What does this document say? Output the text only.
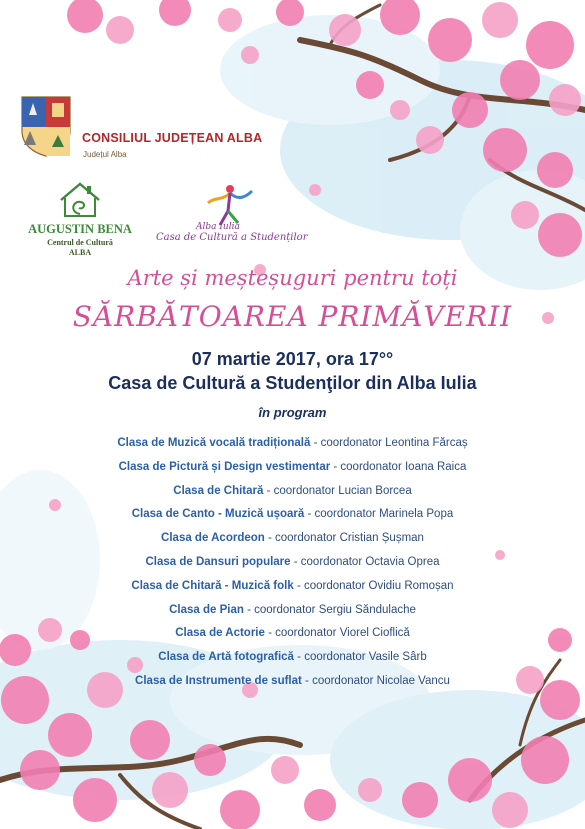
CONSILIUL JUDEȚEAN ALBA
Județul Alba
AUGUSTIN BENA
Centrul de Cultură
ALBA
Alba Iulia
Casa de Cultură a Studenților
Arte și meșteșuguri pentru toți
SĂRBĂTOAREA PRIMĂVERII
07 martie 2017, ora 17°°
Casa de Cultură a Studenţilor din Alba Iulia
în program
Clasa de Muzică vocală tradițională - coordonator Leontina Fărcaș
Clasa de Pictură și Design vestimentar - coordonator Ioana Raica
Clasa de Chitară - coordonator Lucian Borcea
Clasa de Canto - Muzică ușoară - coordonator Marinela Popa
Clasa de Acordeon - coordonator Cristian Șușman
Clasa de Dansuri populare - coordonator Octavia Oprea
Clasa de Chitară - Muzică folk - coordonator Ovidiu Romoșan
Clasa de Pian - coordonator Sergiu Săndulache
Clasa de Actorie - coordonator Viorel Cioflică
Clasa de Artă fotografică - coordonator Vasile Sârb
Clasa de Instrumente de suflat - coordonator Nicolae Vancu
